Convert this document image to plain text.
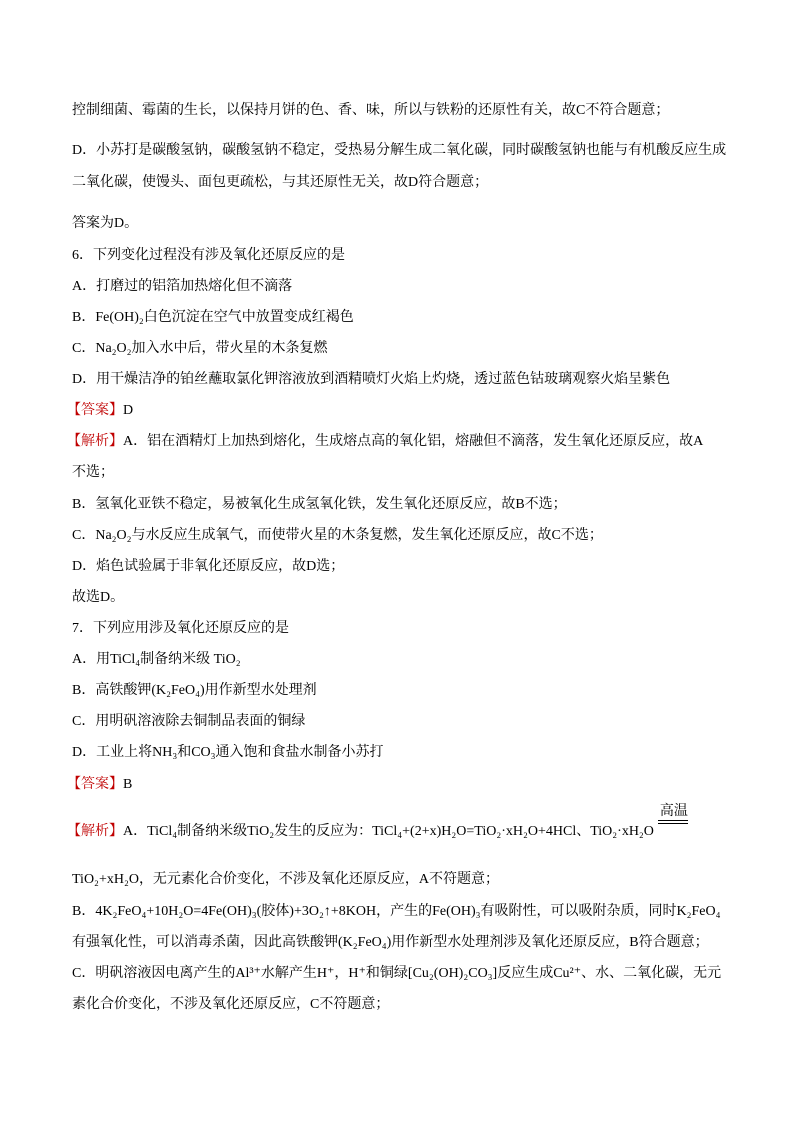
控制细菌、霉菌的生长，以保持月饼的色、香、味，所以与铁粉的还原性有关，故C不符合题意；
D．小苏打是碳酸氢钠，碳酸氢钠不稳定，受热易分解生成二氧化碳，同时碳酸氢钠也能与有机酸反应生成
二氧化碳，使馒头、面包更疏松，与其还原性无关，故D符合题意；
答案为D。
6．下列变化过程没有涉及氧化还原反应的是
A．打磨过的铝箔加热熔化但不滴落
B．Fe(OH)₂白色沉淀在空气中放置变成红褐色
C．Na₂O₂加入水中后，带火星的木条复燃
D．用干燥洁净的铂丝蘸取氯化钾溶液放到酒精喷灯火焰上灼烧，透过蓝色钴玻璃观察火焰呈紫色
【答案】D
【解析】A．铝在酒精灯上加热到熔化，生成熔点高的氧化铝，熔融但不滴落，发生氧化还原反应，故A
不选；
B．氢氧化亚铁不稳定，易被氧化生成氢氧化铁，发生氧化还原反应，故B不选；
C．Na₂O₂与水反应生成氧气，而使带火星的木条复燃，发生氧化还原反应，故C不选；
D．焰色试验属于非氧化还原反应，故D选；
故选D。
7．下列应用涉及氧化还原反应的是
A．用TiCl₄制备纳米级 TiO₂
B．高铁酸钾(K₂FeO₄)用作新型水处理剂
C．用明矾溶液除去铜制品表面的铜绿
D．工业上将NH₃和CO₃通入饱和食盐水制备小苏打
【答案】B
【解析】A．TiCl₄制备纳米级TiO₂发生的反应为：TiCl₄+(2+x)H₂O=TiO₂·xH₂O+4HCl、TiO₂·xH₂O
高温
TiO₂+xH₂O，无元素化合价变化，不涉及氧化还原反应，A不符题意；
B．4K₂FeO₄+10H₂O=4Fe(OH)₃(胶体)+3O₂↑+8KOH，产生的Fe(OH)₃有吸附性，可以吸附杂质，同时K₂FeO₄
有强氧化性，可以消毒杀菌，因此高铁酸钾(K₂FeO₄)用作新型水处理剂涉及氧化还原反应，B符合题意；
C．明矾溶液因电离产生的Al³⁺水解产生H⁺，H⁺和铜绿[Cu₂(OH)₂CO₃]反应生成Cu²⁺、水、二氧化碳，无元
素化合价变化，不涉及氧化还原反应，C不符题意；
